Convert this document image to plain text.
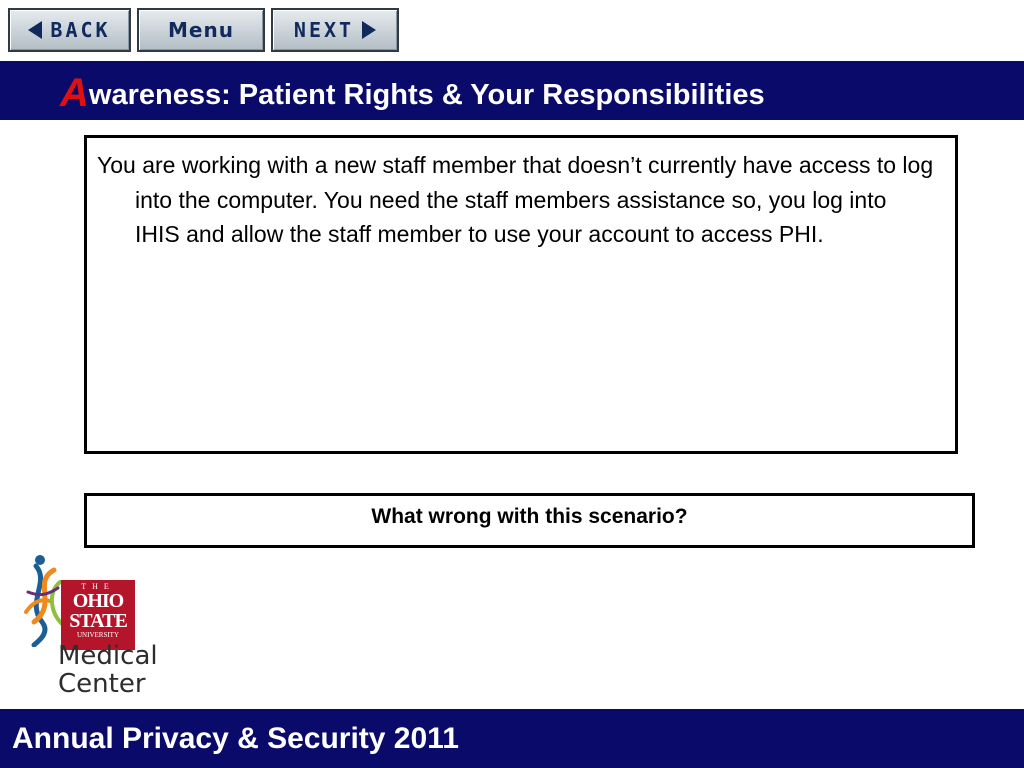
BACK	Menu	NEXT
Awareness: Patient Rights & Your Responsibilities
You are working with a new staff member that doesn’t currently have access to log into the computer. You need the staff members assistance so, you log into IHIS and allow the staff member to use your account to access PHI.
What wrong with this scenario?
THE
OHIO
STATE
UNIVERSITY
Medical
Center
Annual Privacy & Security 2011
